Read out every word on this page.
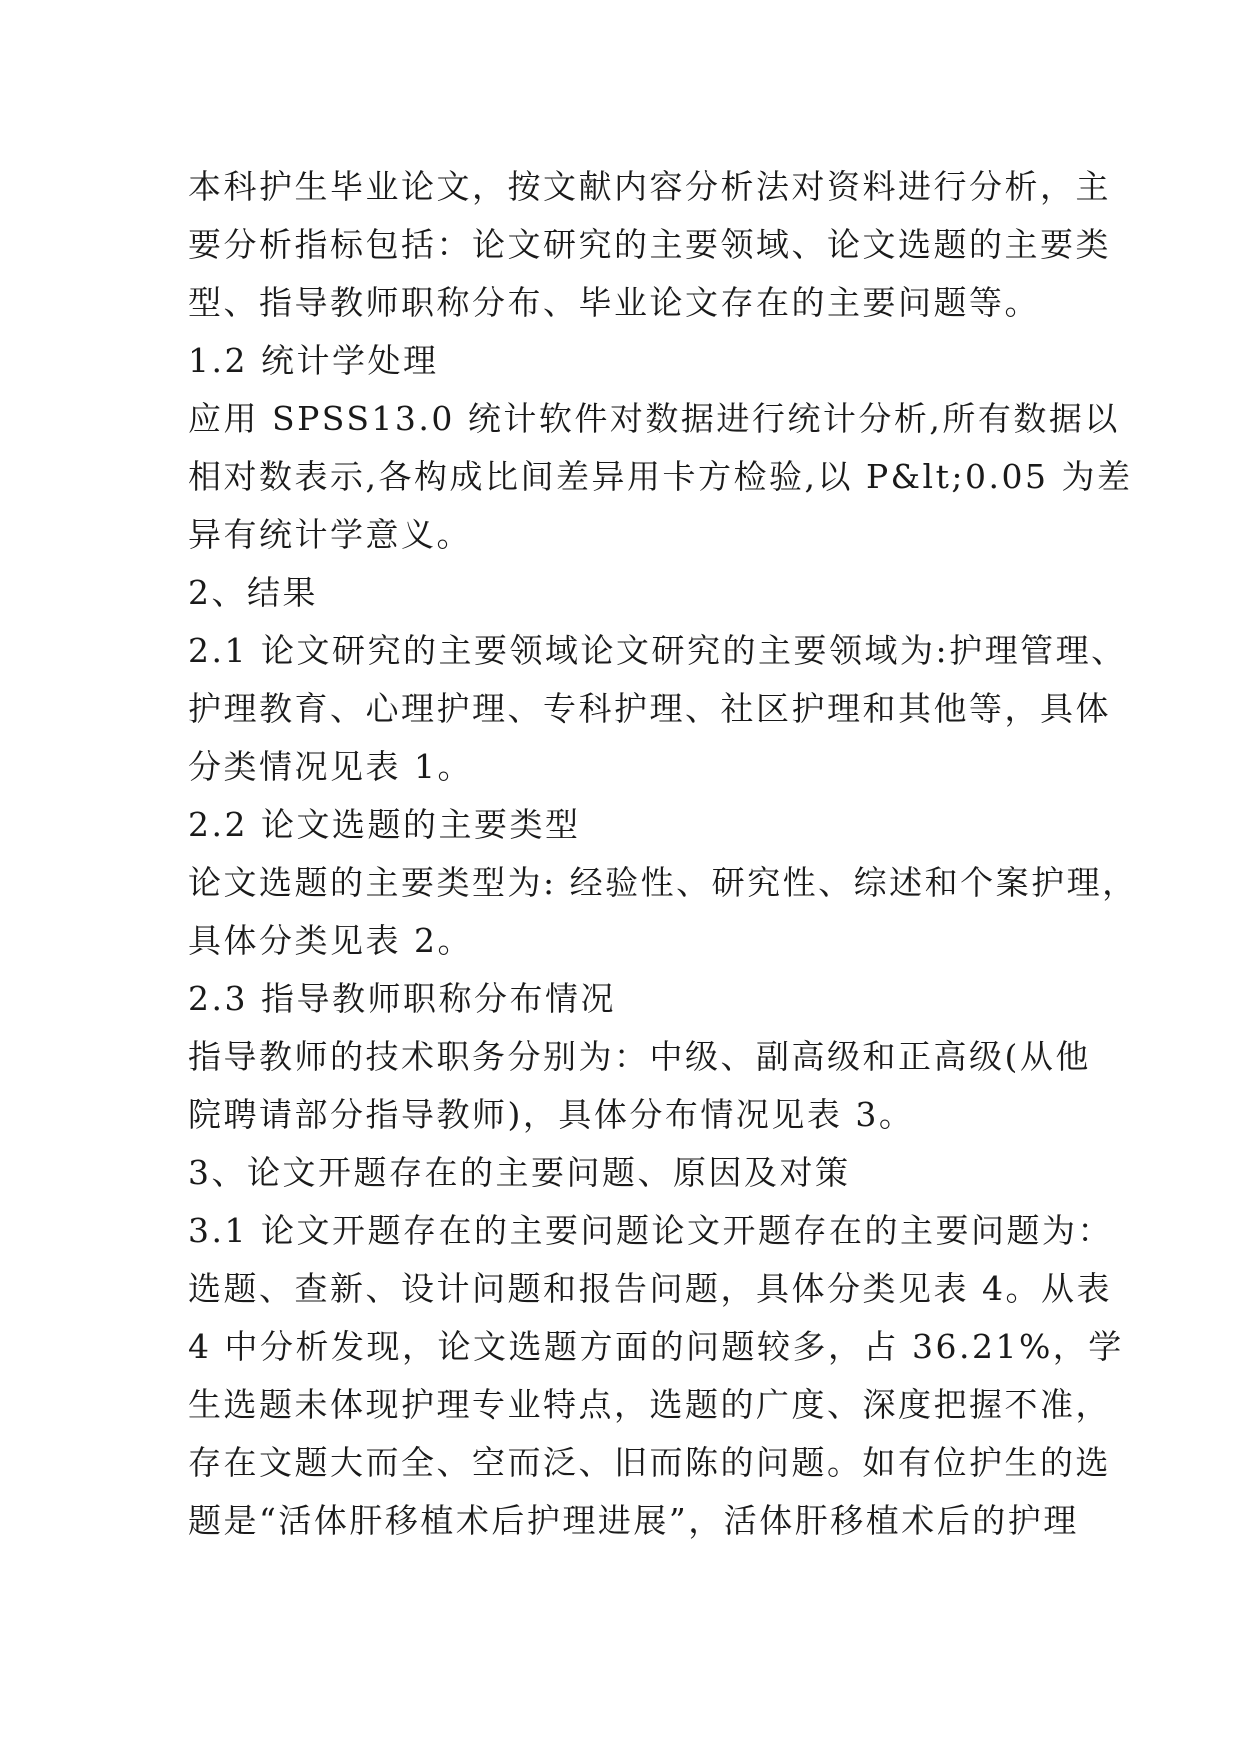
本科护生毕业论文，按文献内容分析法对资料进行分析，主
要分析指标包括：论文研究的主要领域、论文选题的主要类
型、指导教师职称分布、毕业论文存在的主要问题等。
1.2 统计学处理
应用 SPSS13.0 统计软件对数据进行统计分析,所有数据以
相对数表示,各构成比间差异用卡方检验,以 P&lt;0.05 为差
异有统计学意义。
2、结果
2.1 论文研究的主要领域论文研究的主要领域为:护理管理、
护理教育、心理护理、专科护理、社区护理和其他等，具体
分类情况见表 1。
2.2 论文选题的主要类型
论文选题的主要类型为: 经验性、研究性、综述和个案护理，
具体分类见表 2。
2.3 指导教师职称分布情况
指导教师的技术职务分别为：中级、副高级和正高级(从他
院聘请部分指导教师)，具体分布情况见表 3。
3、论文开题存在的主要问题、原因及对策
3.1 论文开题存在的主要问题论文开题存在的主要问题为：
选题、查新、设计问题和报告问题，具体分类见表 4。从表
4 中分析发现，论文选题方面的问题较多，占 36.21%，学
生选题未体现护理专业特点，选题的广度、深度把握不准，
存在文题大而全、空而泛、旧而陈的问题。如有位护生的选
题是“活体肝移植术后护理进展”，活体肝移植术后的护理
